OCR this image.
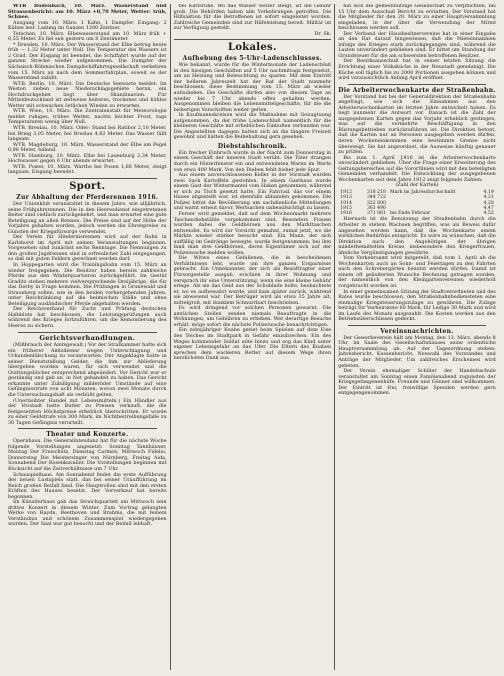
WTB Bodenbach, 10. März. Wasserstand und Strassenbericht: am 10. März +0,70 Meter, Wetter: trüb, Schnee.

Ausgang vom 10. März: 1 Kahn, 1 Dampfer. Eingang: 2 Kähne leer. Ladung im Ganzen 1200 Zentner.

Tetschen, 10. März. Elbewasserstand am 10. März früh + 0,55 Meter. Es fiel seit gestern um 8 Zentimeter.

* Dresden, 10. März. Der Wasserstand der Elbe betrug heute früh — 1,32 Meter unter Null. Die Temperatur des Wassers ist 2 Grad. Der Eisgang ist beendet, die Schiffahrt wurde auf der ganzen Strecke wieder aufgenommen. Die Dampfer der Sächsisch-Böhmischen Dampfschiffahrtsgesellschaft verkehren vom 15. März an nach dem Sommerfahrplan, soweit es der Wasserstand zuläßt.

WTB. Berlin, 10. März. Die Deutsche Seewarte meldet: Im Westen ziehen neue Niederschlagsgebiete heran, ein Hochdruckgebiet liegt über Skandinavien. Für Mitteldeutschland ist zeitweise heiteres, trockenes und kühles Wetter mit schwachen östlichen Winden zu erwarten.

WTB. Wien, 10. März. Die Zentralanstalt für Meteorologie meldet ruhiges, trübes Wetter, nachts leichter Frost, tags Temperaturen wenig über Null.

WTB. Breslau, 10. März. Oder: Stand bei Ratibor 2,10 Meter, bei Brieg 3,05 Meter, bei Breslau 4,62 Meter. Das Wasser fällt langsam.

WTB. Magdeburg, 10. März. Wasserstand der Elbe am Pegel 0,98 Meter, fallend.

WTB. Hamburg, 10. März. Elbe bei Lauenburg 2,34 Meter, Hochwasser gegen 6 Uhr abends erwartet.

WTB. Posen, 10. März. Warthe bei Posen 1,66 Meter, steigt langsam, Eisgang beendet.

Sport.
Zur Abhaltung der Pferderennen 1916.

Der Unionklub veranstaltet in diesem Jahre, wie alljährlich, seine Frühjahrsrennen. Die in den Heeresdienst eingetretenen Reiter sind vielfach zurückgekehrt, und man erwartet eine gute Beteiligung an allen Rennen. Die Preise sind auf der Höhe der Vorjahre gehalten worden, jedoch werden die Ehrenpreise zu Gunsten der Kriegsfürsorge verwendet.

Der Verein für Hindernisrennen wird auf der Bahn in Karlshorst im April mit seinen Veranstaltungen beginnen. Vorgesehen sind zunächst sechs Renntage. Die Nennungen zu den großen Jagdrennen sind in erfreulicher Zahl eingegangen, so daß mit guten Feldern gerechnet werden darf.

In Hoppegarten wird die Trainingsbahn vom 15. März an wieder freigegeben. Die Besitzer haben bereits zahlreiche Pferde aus den Winterquartieren zurückgeführt. Im Gestüt Graditz stehen mehrere vielversprechende Dreijährige, die für das Derby in Frage kommen. Die Prüfungen in Grunewald und Strausberg sollen, wie in den beiden vorhergehenden Jahren, unter Beschränkung auf die heimischen Ställe und ohne Beteiligung ausländischer Pferde abgehalten werden.

Der Reichsverband für Zucht und Prüfung deutschen Halbbluts hat beschlossen, die Leistungsprüfungen auch während des Krieges fortzuführen, um die Remontierung des Heeres zu sichern.

Gerichtsverhandlungen.

(Mißbrauch der Amtsgewalt.) Vor der Strafkammer hatte sich ein früherer Amtsdiener wegen Unterschlagung und Urkundenfälschung zu verantworten. Der Angeklagte hatte in seiner Dienststellung Gelder, die ihm zur Ablieferung übergeben worden waren, für sich verwendet und die Quittungsbücher entsprechend abgeändert. Vor Gericht war er geständig und gab an, in Not gehandelt zu haben. Das Gericht erkannte unter Zubilligung mildernder Umstände auf eine Gefängnisstrafe von acht Monaten, wovon zwei Monate durch die Untersuchungshaft als verbüßt gelten.

(Unerlaubter Handel mit Lebensmitteln.) Ein Händler aus der Vorstadt hatte Butter zu Preisen verkauft, die die festgesetzten Höchstpreise erheblich überschritten. Er wurde zu einer Geldstrafe von 300 Mark, im Nichtbeitreibungsfalle zu 30 Tagen Gefängnis verurteilt.

Theater und Konzerte.

Opernhaus. Die Generalintendanz hat für die nächste Woche folgende Vorstellungen angesetzt: Sonntag Tannhäuser, Montag Der Freischütz, Dienstag Carmen, Mittwoch Fidelio, Donnerstag Die Meistersinger von Nürnberg, Freitag Aida, Sonnabend Der Rosenkavalier. Die Vorstellungen beginnen mit Rücksicht auf die Zeitverhältnisse um 7 Uhr.

Schauspielhaus. Am Sonnabend findet die erste Aufführung des neuen Lustspiels statt, das bei seiner Uraufführung im Reich großen Beifall fand. Die Hauptrollen sind mit den ersten Kräften des Hauses besetzt. Der Vorverkauf hat bereits begonnen.

Im Künstlerhaus gab das Streichquartett am Mittwoch sein drittes Konzert in diesem Winter. Zum Vortrag gelangten Werke von Haydn, Beethoven und Brahms, die mit feinem Verständnis und schönem Zusammenspiel wiedergegeben wurden. Der Saal war gut besucht und der Beifall lebhaft.

bei Karlsruhe. Wo das Wasser weiter steigt, ist die Gefahr groß. Die Behörden haben alle Vorkehrungen getroffen. Die Hilfsaktion für die Betroffenen ist sofort eingeleitet worden. Zahlreiche Gemeinden sind zur Hilfeleistung bereit. Militär ist zur Verfügung gestellt.

Dr. Sk.
Lokales.
Aufhebung des 5-Uhr-Ladenschlusses.

Wie bekannt, wurde für die Wintermonate der Ladenschluß in den hiesigen Geschäften auf 5 Uhr nachmittags festgesetzt, um an Heizung und Beleuchtung zu sparen. Mit dem Eintritt der helleren Jahreszeit hat der Rat der Stadt nunmehr beschlossen, diese Bestimmung vom 15. März ab wieder aufzuheben. Die Geschäfte dürfen also von diesem Tage an wieder bis 7 Uhr abends offen gehalten werden. Ausgenommen bleiben die Lebensmittelgeschäfte, für die die bisherigen Vorschriften weiter gelten.

In Kaufmannskreisen wird die Maßnahme mit Genugtuung aufgenommen, da der frühe Ladenschluß namentlich für die kleineren Geschäfte mit erheblichen Einbußen verbunden war. Die Angestellten dagegen hatten sich an die längere Freizeit gewöhnt und hätten die Beibehaltung gern gesehen.

Diebstahlschronik.

Ein frecher Einbruch wurde in der Nacht zum Donnerstag in einem Geschäft der inneren Stadt verübt. Die Täter drangen durch ein Hinterfenster ein und entwendeten Waren im Werte von etwa 400 Mark. Von den Dieben fehlt bisher jede Spur.

Aus einem unverschlossenen Keller in der Vorstadt wurden zwei Sack Kartoffeln gestohlen. In einem Gasthaus wurde einem Gast der Wintermantel vom Haken genommen, während er sich zu Tisch gesetzt hatte. Ein Fahrrad, das vor einem Hause abgestellt war, ist ebenfalls abhanden gekommen. Die Polizei bittet die Bevölkerung um sachdienliche Mitteilungen und warnt erneut davor, Wertsachen unbeaufsichtigt zu lassen.

Ferner wird gemeldet, daß auf dem Wochenmarkt mehrere Taschendiebstähle vorgekommen sind. Besonders Frauen wurden dabei die Geldbörsen aus den Markttaschen entwendet. Es wird zur Vorsicht gemahnt, zumal jetzt, wo die Märkte wieder stärker besucht sind. Ein Mann, der sich auffällig im Gedränge bewegte, wurde festgenommen; bei ihm fand man drei Geldbörsen, deren Eigentümer sich auf der Polizeiwache melden wollen.

Die Witwe eines Gefallenen, die in bescheidenen Verhältnissen lebt, wurde um ihre ganzen Ersparnisse gebracht. Ein Unbekannter, der sich als Beauftragter einer Fürsorgestelle ausgab, erschien in ihrer Wohnung und versprach ihr eine Unterstützung, wenn sie eine kleine Gebühr erlege. Als sie das Geld aus der Schublade holte, beobachtete er, wo es aufbewahrt wurde, und kam später zurück, während sie abwesend war. Der Betrüger wird als etwa 35 Jahre alt, mittelgroß, mit dunklem Schnurrbart beschrieben.

Es wird dringend vor solchen Personen gewarnt. Die amtlichen Stellen senden niemals Beauftragte in die Wohnungen, um Gebühren zu erheben. Wer derartige Besuche erhält, möge sofort die nächste Polizeiwache benachrichtigen.

Ein zehnjähriger Knabe geriet beim Spielen auf dem Eise des Teiches im Stadtpark in Gefahr einzubrechen. Ein des Weges kommender Soldat eilte hinzu und zog das Kind unter eigener Lebensgefahr an das Ufer. Die Eltern des Knaben sprechen dem wackeren Retter auf diesem Wege ihren herzlichsten Dank aus.

hat sich die gemeinnützige Gesellschaft zu verpflichten, bis 15 Uhr dem Ausschuß Bericht zu erstatten. Der Vorstand hat die Mitglieder für den 20. März zu einer Hauptversammlung eingeladen, in der über die Verwendung der Mittel beschlossen werden soll.

Der Verband der Hausbesitzervereine hat in einer Eingabe an den Rat darauf hingewiesen, daß die Mieteinnahmen infolge des Krieges stark zurückgegangen sind, während die Lasten unverändert geblieben sind. Er bittet um Stundung der Grundsteuer für die am schwersten betroffenen Besitzer.

Der Bezirksausschuß hat in seiner letzten Sitzung die Errichtung einer Volksküche in der Neustadt genehmigt. Die Küche soll täglich bis zu 2000 Portionen ausgeben können und wird voraussichtlich Anfang April eröffnet.

Die Arbeiterwochenkarte der Straßenbahn.

Der Vorstand hat bei der Generaldirektion der Straßenbahn angefragt, wie sich die Einnahmen aus den Arbeiterwochenkarten im letzten Jahre entwickelt haben. Es liegt nunmehr die Antwort vor. Danach ist die Zahl der ausgegebenen Karten gegen das Vorjahr erheblich gestiegen, was auf die vermehrte Beschäftigung in den Rüstungsbetrieben zurückzuführen ist. Die Direktion betont, daß die Karten nur an Personen ausgegeben werden dürfen, deren Wocheneinkommen eine bestimmte Grenze nicht übersteigt. Sie hat angeordnet, die Ausweise künftig genauer zu prüfen.

Bis zum 1. April 1916 ist die Arbeiterwochenkarte unverändert geblieben. Über die Frage einer Erweiterung des Geltungsbereiches auf die Vorortlinien wird mit den beteiligten Gemeinden verhandelt. Die Entwicklung der ausgegebenen Wochenkarten seit dem Jahre 1912 zeigt folgende Zahlen:

(Zahl der Karten)
1912	318 218	Mark im Jahresdurchschnitt	4,19
1913	344 722		4,31
1914	322 800		4,28
1915	361 490		4,47
1916	371 061	bis Ende Februar	4,52

Hiernach ist die Benutzung der Straßenbahn durch die Arbeiter in stetem Wachsen begriffen, was als Beweis dafür angesehen werden kann, daß die Wochenkarte einem wirklichen Bedürfnis entspricht. Es wäre zu wünschen, daß die Direktion auch den Angehörigen der übrigen minderbemittelten Kreise, insbesondere den Kriegerfrauen, ähnliche Vergünstigungen gewährte.

Vom Verkehrsamt wird mitgeteilt, daß vom 1. April ab die Wochenkarten auch an Sonn- und Feiertagen zu den Fahrten nach den Schrebergärten benutzt werden dürfen. Damit ist einem oft geäußerten Wunsche Rechnung getragen worden, der namentlich von den Kleingartenvereinen wiederholt vorgebracht worden ist.

In einer gemeinsamen Sitzung der Stadtverordneten und des Rates wurde beschlossen, den Straßenbahnbediensteten eine einmalige Kriegsteuerungszulage zu gewähren. Die Zulage beträgt für Verheiratete 60 Mark, für Ledige 30 Mark und wird im Laufe des Monats ausgezahlt. Die Kosten werden aus den Betriebsüberschüssen gedeckt.

Vereinsnachrichten.

Der Gewerbeverein hält am Montag, den 13. März, abends 8 Uhr, im Saale des Gesellschaftshauses seine ordentliche Hauptversammlung ab. Auf der Tagesordnung stehen: Jahresbericht, Kassenbericht, Neuwahl des Vorstandes und Anträge der Mitglieder. Um zahlreiches Erscheinen wird gebeten.

Der Verein ehemaliger Schüler der Handelsschule veranstaltet am Sonntag einen Familienabend zugunsten der Kriegsgefangenenhilfe. Freunde und Gönner sind willkommen. Der Eintritt ist frei, freiwillige Spenden werden gern entgegengenommen.
